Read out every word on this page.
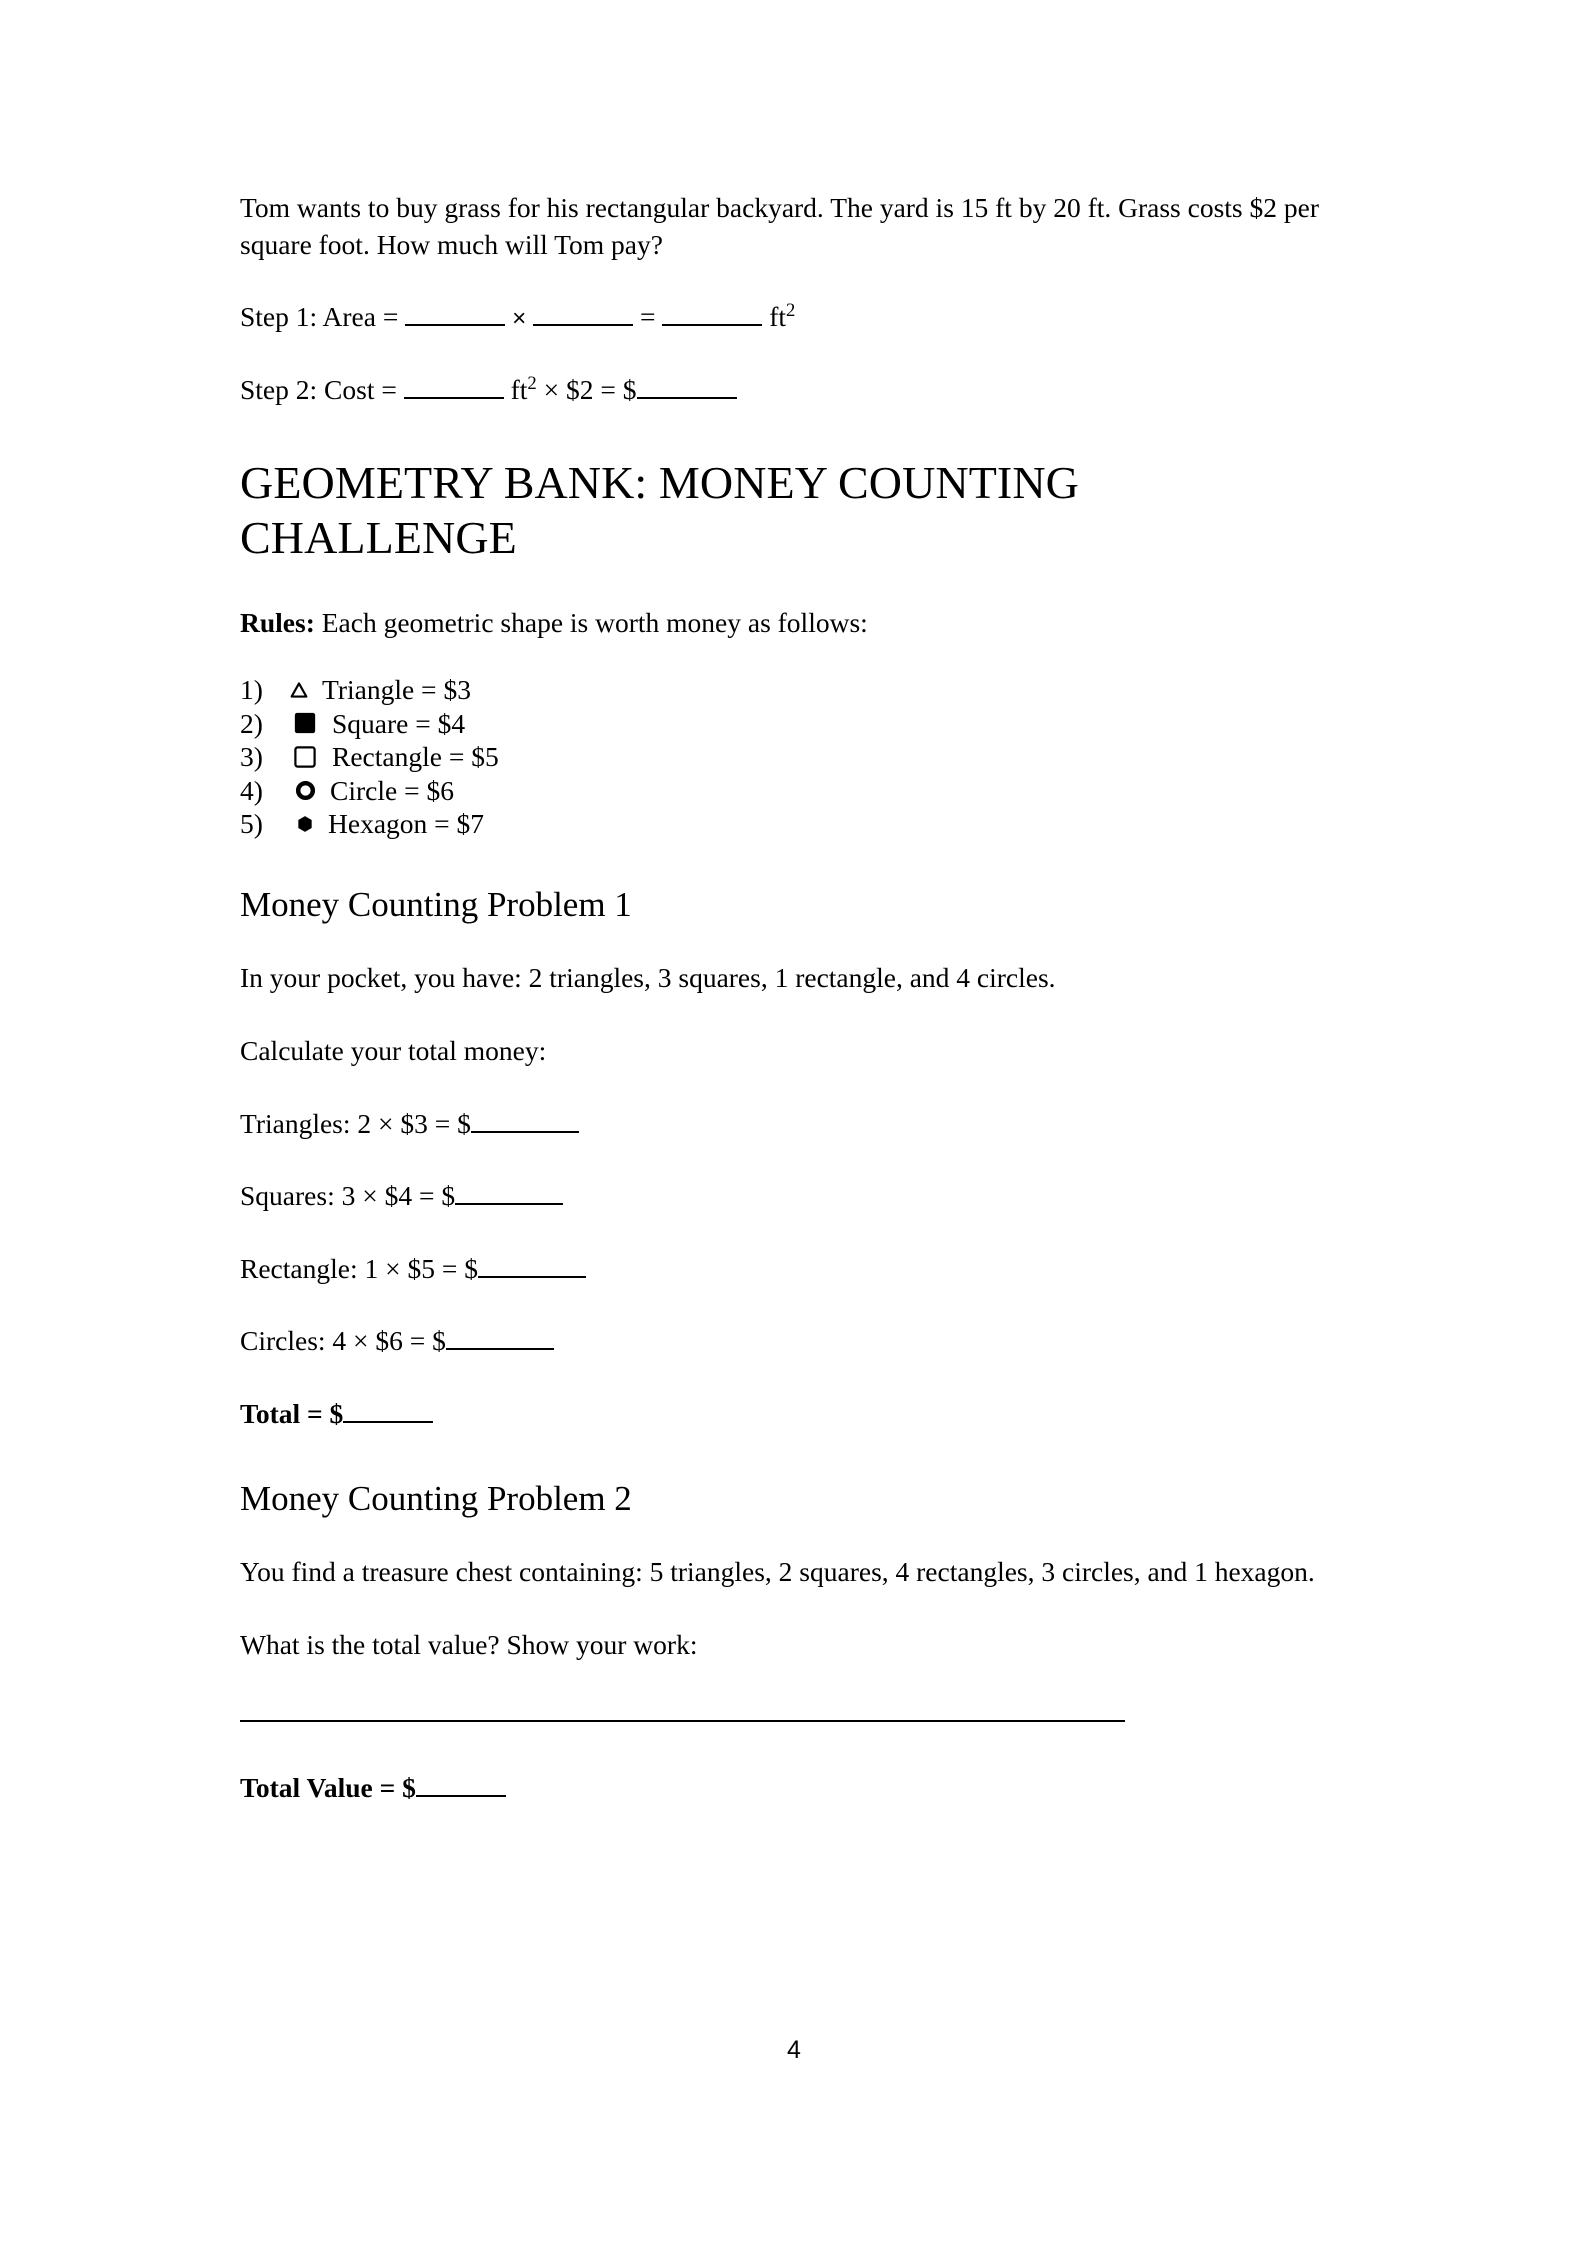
Tom wants to buy grass for his rectangular backyard. The yard is 15 ft by 20 ft. Grass costs $2 per square foot. How much will Tom pay?

Step 1: Area =	×	=	$ft^2$

Step 2: Cost =	$ft^2$ × $2 = $

GEOMETRY BANK: MONEY COUNTING CHALLENGE

Rules: Each geometric shape is worth money as follows:

1)	Triangle = $3
2)	Square = $4
3)	Rectangle = $5
4)	Circle = $6
5)	Hexagon = $7
Money Counting Problem 1

In your pocket, you have: 2 triangles, 3 squares, 1 rectangle, and 4 circles.

Calculate your total money:

Triangles: 2 × $3 = $

Squares: 3 × $4 = $

Rectangle: 1 × $5 = $

Circles: 4 × $6 = $

Total = $

Money Counting Problem 2

You find a treasure chest containing: 5 triangles, 2 squares, 4 rectangles, 3 circles, and 1 hexagon.

What is the total value? Show your work:

Total Value = $

4
